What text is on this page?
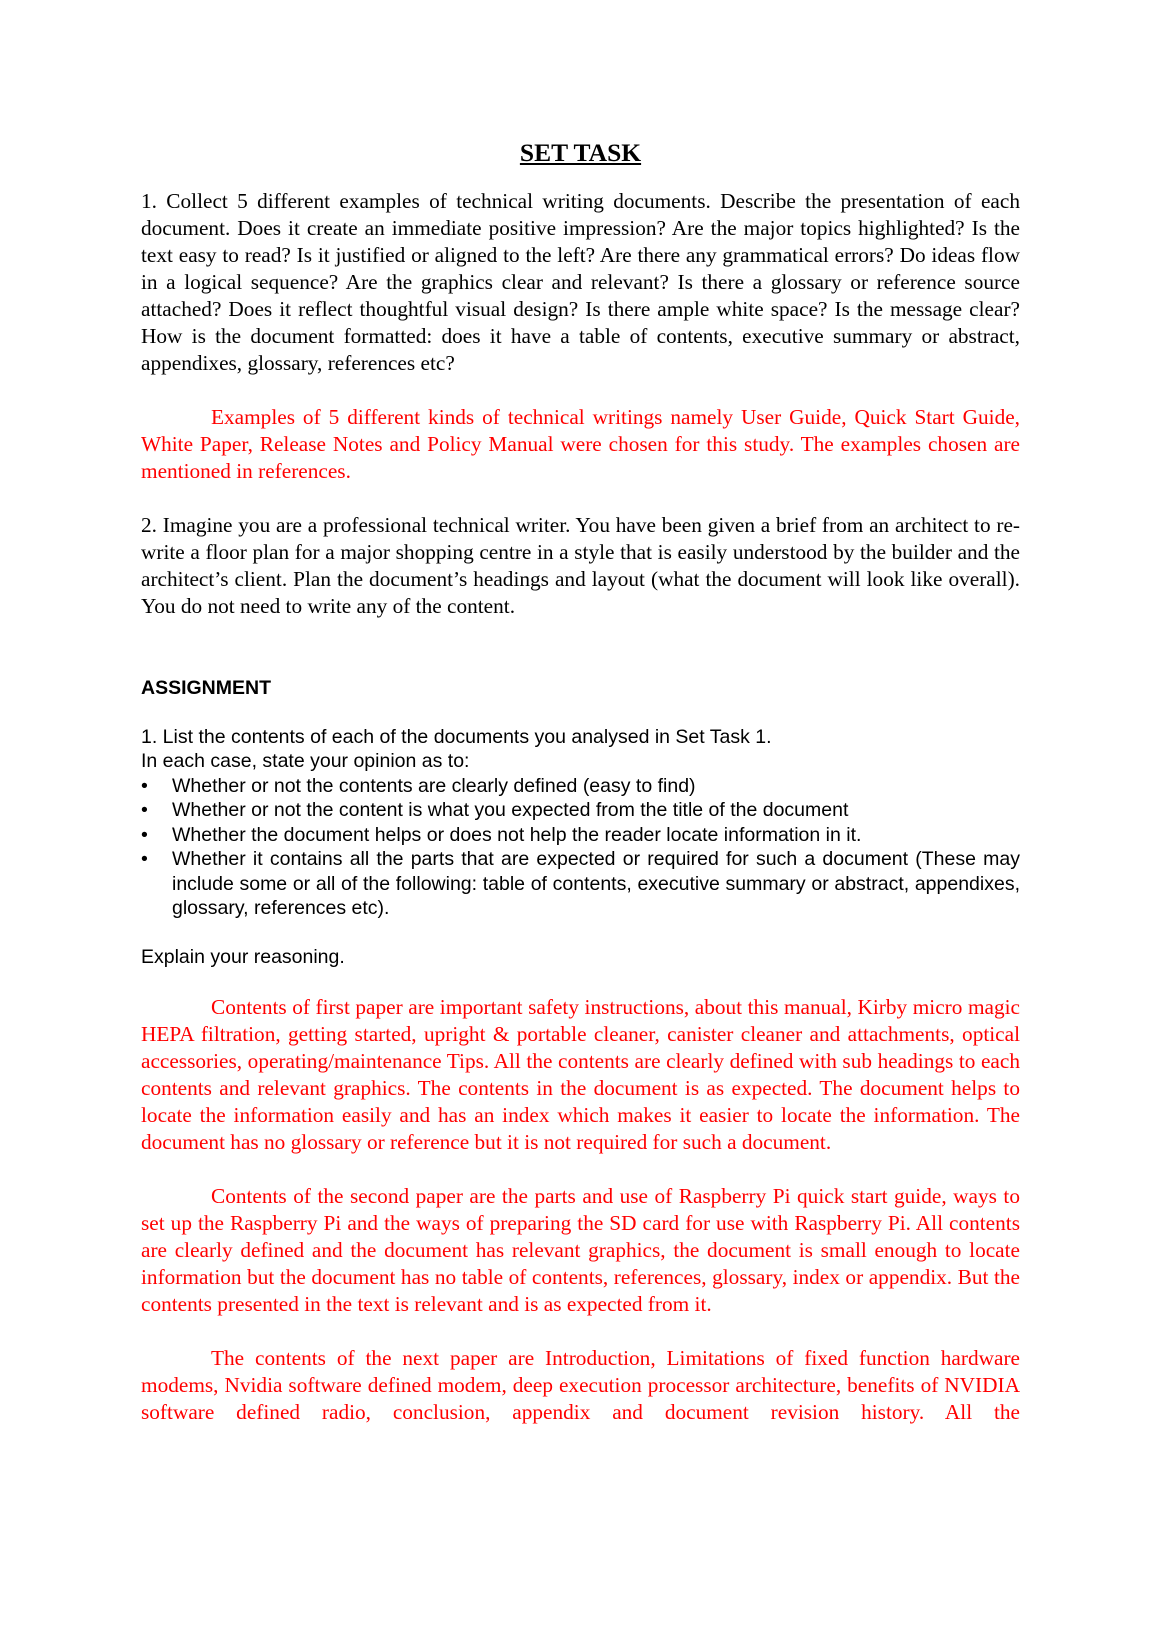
SET TASK

1. Collect 5 different examples of technical writing documents. Describe the presentation of each document. Does it create an immediate positive impression? Are the major topics highlighted? Is the text easy to read? Is it justified or aligned to the left? Are there any grammatical errors? Do ideas flow in a logical sequence? Are the graphics clear and relevant? Is there a glossary or reference source attached? Does it reflect thoughtful visual design? Is there ample white space? Is the message clear? How is the document formatted: does it have a table of contents, executive summary or abstract, appendixes, glossary, references etc?

Examples of 5 different kinds of technical writings namely User Guide, Quick Start Guide, White Paper, Release Notes and Policy Manual were chosen for this study. The examples chosen are mentioned in references.

2. Imagine you are a professional technical writer. You have been given a brief from an architect to re-write a floor plan for a major shopping centre in a style that is easily understood by the builder and the architect’s client. Plan the document’s headings and layout (what the document will look like overall). You do not need to write any of the content.

ASSIGNMENT

1. List the contents of each of the documents you analysed in Set Task 1.

In each case, state your opinion as to:

• Whether or not the contents are clearly defined (easy to find)
• Whether or not the content is what you expected from the title of the document
• Whether the document helps or does not help the reader locate information in it.
• Whether it contains all the parts that are expected or required for such a document (These may include some or all of the following: table of contents, executive summary or abstract, appendixes, glossary, references etc).

Explain your reasoning.

Contents of first paper are important safety instructions, about this manual, Kirby micro magic HEPA filtration, getting started, upright & portable cleaner, canister cleaner and attachments, optical accessories, operating/maintenance Tips. All the contents are clearly defined with sub headings to each contents and relevant graphics. The contents in the document is as expected. The document helps to locate the information easily and has an index which makes it easier to locate the information. The document has no glossary or reference but it is not required for such a document.

Contents of the second paper are the parts and use of Raspberry Pi quick start guide, ways to set up the Raspberry Pi and the ways of preparing the SD card for use with Raspberry Pi. All contents are clearly defined and the document has relevant graphics, the document is small enough to locate information but the document has no table of contents, references, glossary, index or appendix. But the contents presented in the text is relevant and is as expected from it.

The contents of the next paper are Introduction, Limitations of fixed function hardware modems, Nvidia software defined modem, deep execution processor architecture, benefits of NVIDIA software defined radio, conclusion, appendix and document revision history. All the
